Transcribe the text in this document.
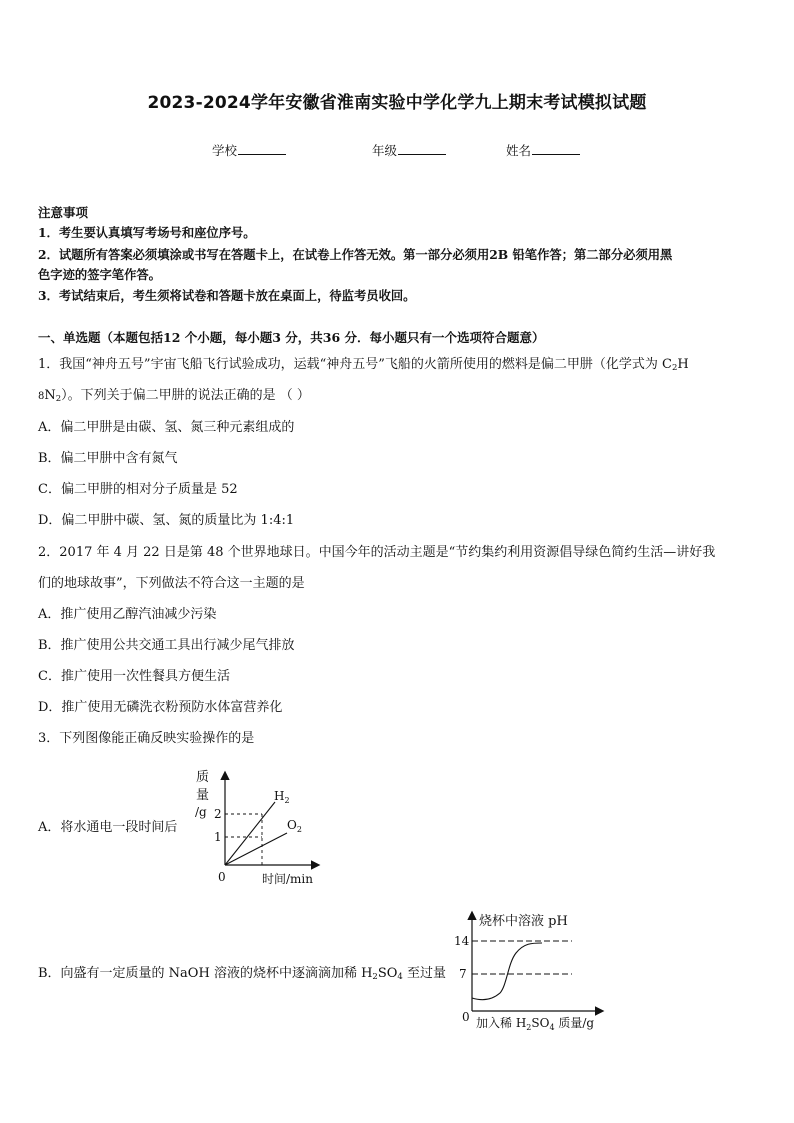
2023-2024学年安徽省淮南实验中学化学九上期末考试模拟试题
学校	年级	姓名
注意事项
1．考生要认真填写考场号和座位序号。
2．试题所有答案必须填涂或书写在答题卡上，在试卷上作答无效。第一部分必须用2B 铅笔作答；第二部分必须用黑
色字迹的签字笔作答。
3．考试结束后，考生须将试卷和答题卡放在桌面上，待监考员收回。
一、单选题（本题包括12 个小题，每小题3 分，共36 分．每小题只有一个选项符合题意）
1．我国“神舟五号”宇宙飞船飞行试验成功，运载“神舟五号”飞船的火箭所使用的燃料是偏二甲肼（化学式为 $C_2H$
$8N_2$）。下列关于偏二甲肼的说法正确的是 （ ）
A．偏二甲肼是由碳、氢、氮三种元素组成的
B．偏二甲肼中含有氮气
C．偏二甲肼的相对分子质量是 52
D．偏二甲肼中碳、氢、氮的质量比为 1:4:1
2．2017 年 4 月 22 日是第 48 个世界地球日。中国今年的活动主题是“节约集约利用资源倡导绿色简约生活—讲好我
们的地球故事”，下列做法不符合这一主题的是
A．推广使用乙醇汽油减少污染
B．推广使用公共交通工具出行减少尾气排放
C．推广使用一次性餐具方便生活
D．推广使用无磷洗衣粉预防水体富营养化
3．下列图像能正确反映实验操作的是
A．将水通电一段时间后
质
量
/g 2
1
0	时间/min
$H_2$
$O_2$
B．向盛有一定质量的 NaOH 溶液的烧杯中逐滴滴加稀 $H_2SO_4$ 至过量
烧杯中溶液 pH
14
7
0 加入稀 $H_2SO_4$ 质量/g
